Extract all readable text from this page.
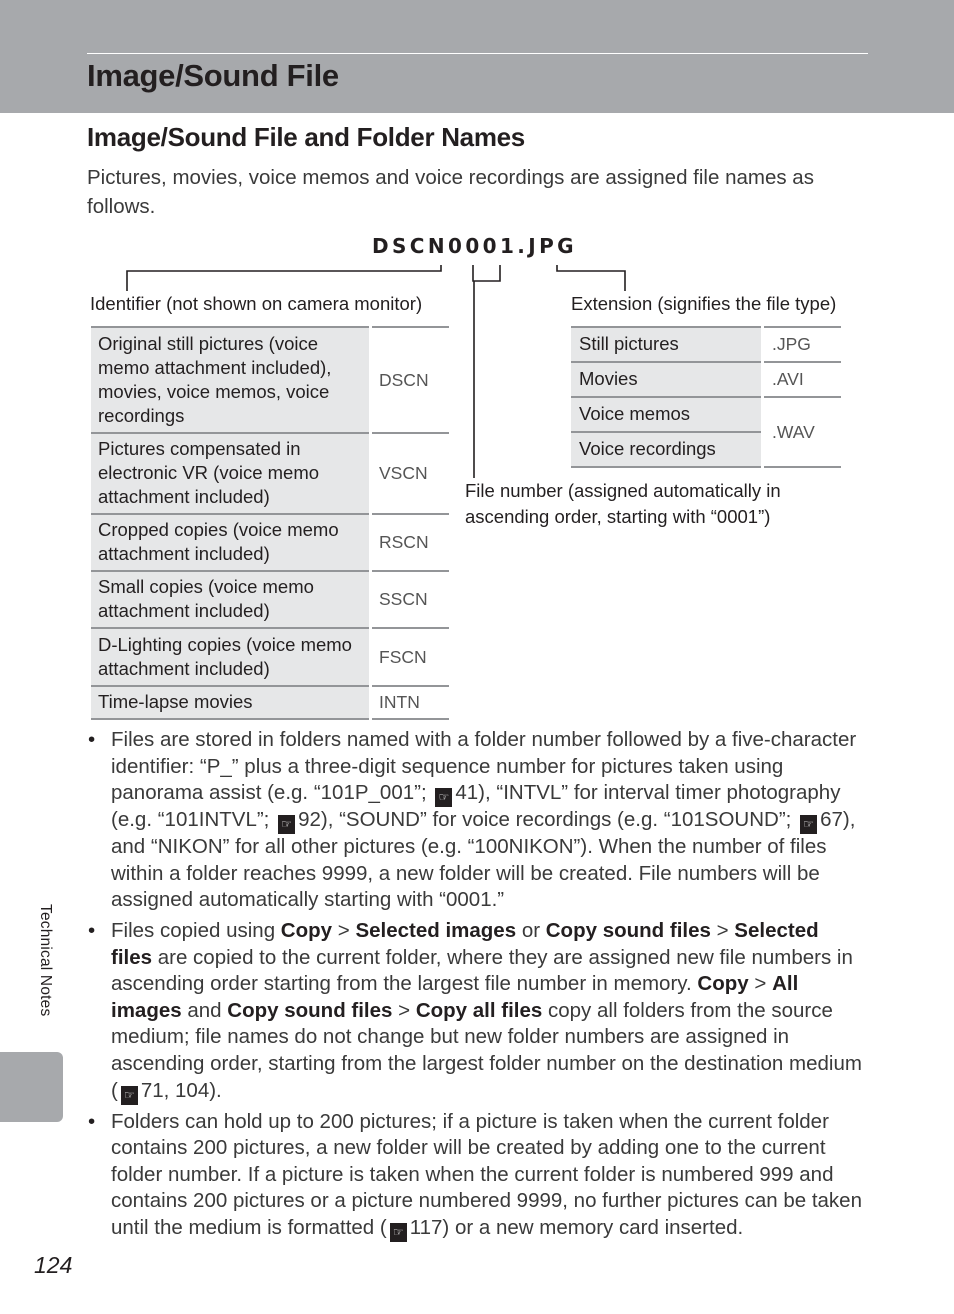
Image/Sound File
Image/Sound File and Folder Names

Pictures, movies, voice memos and voice recordings are assigned file names as follows.

DSCN0001.JPG

Identifier (not shown on camera monitor)	Extension (signifies the file type)

File number (assigned automatically in ascending order, starting with “0001”)

Original still pictures (voice memo attachment included), movies, voice memos, voice recordings	DSCN
Pictures compensated in electronic VR (voice memo attachment included)	VSCN
Cropped copies (voice memo attachment included)	RSCN
Small copies (voice memo attachment included)	SSCN
D-Lighting copies (voice memo attachment included)	FSCN
Time-lapse movies	INTN
Still pictures	.JPG
Movies	.AVI
Voice memos	.WAV
Voice recordings	
• Files are stored in folders named with a folder number followed by a five-character identifier: “P_” plus a three-digit sequence number for pictures taken using panorama assist (e.g. “101P_001”; ☞ 41), “INTVL” for interval timer photography (e.g. “101INTVL”; ☞ 92), “SOUND” for voice recordings (e.g. “101SOUND”; ☞ 67), and “NIKON” for all other pictures (e.g. “100NIKON”). When the number of files within a folder reaches 9999, a new folder will be created. File numbers will be assigned automatically starting with “0001.”
• Files copied using Copy > Selected images or Copy sound files > Selected files are copied to the current folder, where they are assigned new file numbers in ascending order starting from the largest file number in memory. Copy > All images and Copy sound files > Copy all files copy all folders from the source medium; file names do not change but new folder numbers are assigned in ascending order, starting from the largest folder number on the destination medium ( ☞ 71, 104).
• Folders can hold up to 200 pictures; if a picture is taken when the current folder contains 200 pictures, a new folder will be created by adding one to the current folder number. If a picture is taken when the current folder is numbered 999 and contains 200 pictures or a picture numbered 9999, no further pictures can be taken until the medium is formatted ( ☞ 117) or a new memory card inserted.

Technical Notes

124
